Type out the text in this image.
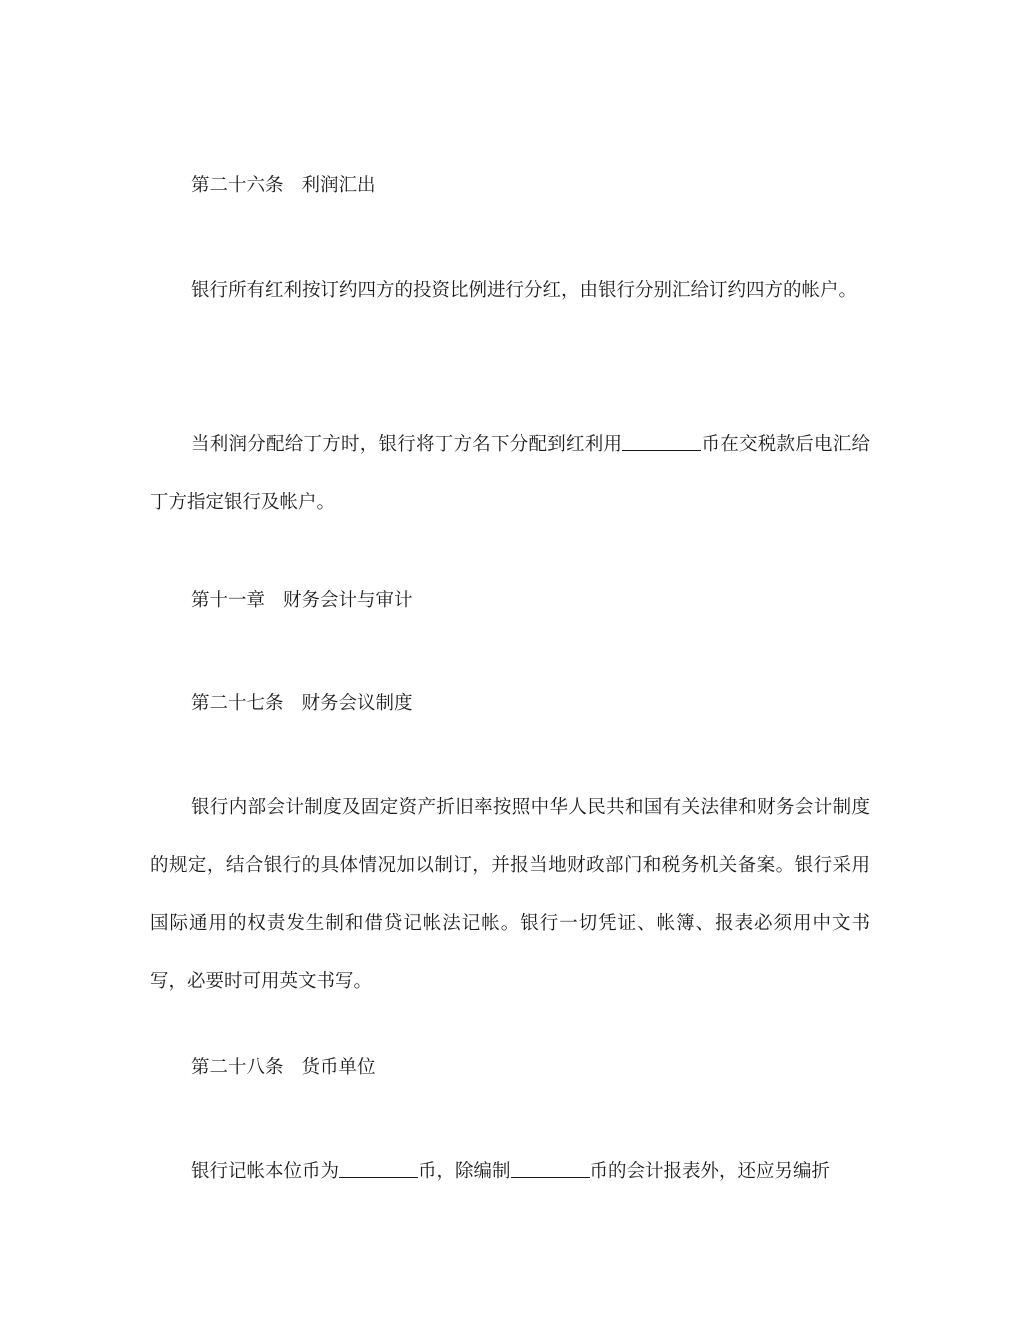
第二十六条 利润汇出

银行所有红利按订约四方的投资比例进行分红，由银行分别汇给订约四方的帐户。

当利润分配给丁方时，银行将丁方名下分配到红利用	币在交税款后电汇给丁方指定银行及帐户。

第十一章 财务会计与审计

第二十七条 财务会议制度

银行内部会计制度及固定资产折旧率按照中华人民共和国有关法律和财务会计制度的规定，结合银行的具体情况加以制订，并报当地财政部门和税务机关备案。银行采用国际通用的权责发生制和借贷记帐法记帐。银行一切凭证、帐簿、报表必须用中文书写，必要时可用英文书写。

第二十八条 货币单位

银行记帐本位币为	币，除编制	币的会计报表外，还应另编折
